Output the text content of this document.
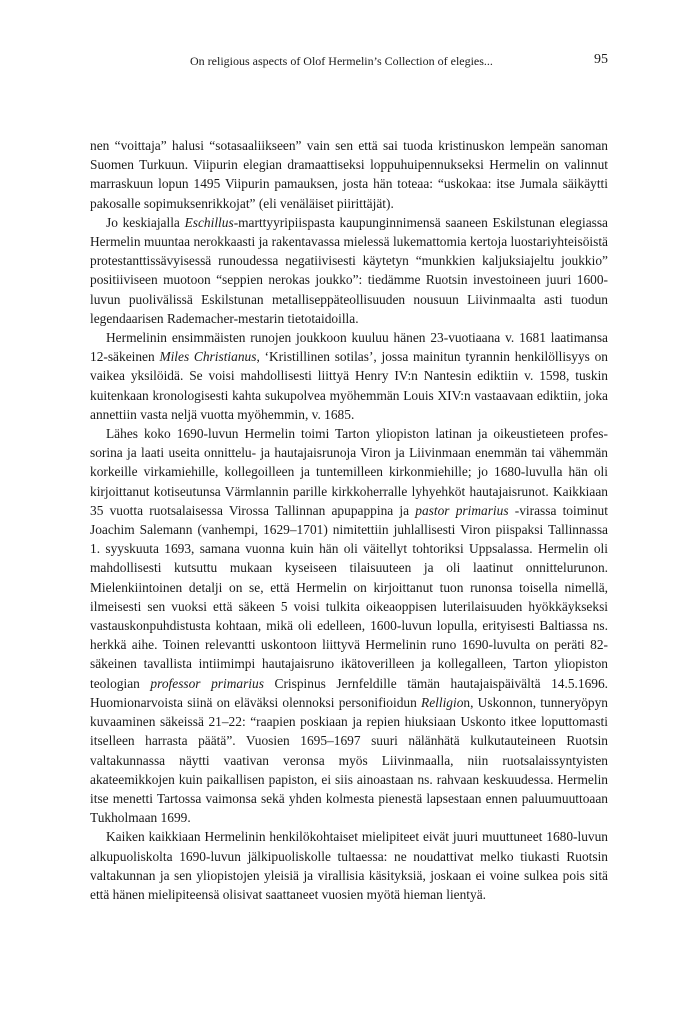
On religious aspects of Olof Hermelin’s Collection of elegies...	95

nen “voittaja” halusi “sotasaaliikseen” vain sen että sai tuoda kristinuskon lempeän sanoman Suomen Turkuun. Viipurin elegian dramaattiseksi loppuhuipennukseksi Hermelin on valinnut marraskuun lopun 1495 Viipurin pamauksen, josta hän toteaa: “uskokaa: itse Jumala säikäytti pakosalle sopimuksenrikkojat” (eli venäläiset piirittäjät).

Jo keskiajalla Eschillus-marttyyripiispasta kaupunginnimensä saaneen Eskilstunan elegiassa Hermelin muuntaa nerokkaasti ja rakentavassa mielessä lukemattomia kertoja luostariyhteisöistä protestanttissävyisessä runoudessa negatiivisesti käytetyn “munkkien kaljuksiajeltu joukkio” positiiviseen muotoon “seppien nerokas joukko”: tiedämme Ruotsin investoineen juuri 1600-luvun puolivälissä Eskilstunan metalliseppäteollisuuden nousuun Liivinmaalta asti tuodun legendaarisen Rademacher-mestarin tietotaidoilla.

Hermelinin ensimmäisten runojen joukkoon kuuluu hänen 23-vuotiaana v. 1681 laatimansa 12-säkeinen Miles Christianus, ‘Kristillinen sotilas’, jossa mainitun tyrannin henkilöllisyys on vaikea yksilöidä. Se voisi mahdollisesti liittyä Henry IV:n Nantesin ediktiin v. 1598, tuskin kuitenkaan kronologisesti kahta sukupolvea myöhemmän Louis XIV:n vastaavaan ediktiin, joka annettiin vasta neljä vuotta myöhemmin, v. 1685.

Lähes koko 1690-luvun Hermelin toimi Tarton yliopiston latinan ja oikeustieteen professorina ja laati useita onnittelu- ja hautajaisrunoja Viron ja Liivinmaan enemmän tai vähemmän korkeille virkamiehille, kollegoilleen ja tuntemilleen kirkonmiehille; jo 1680-luvulla hän oli kirjoittanut kotiseutunsa Värmlannin parille kirkkoherralle lyhyehköt hautajaisrunot. Kaikkiaan 35 vuotta ruotsalaisessa Virossa Tallinnan apupappina ja pastor primarius -virassa toiminut Joachim Salemann (vanhempi, 1629–1701) nimitettiin juhlallisesti Viron piispaksi Tallinnassa 1. syyskuuta 1693, samana vuonna kuin hän oli väitellyt tohtoriksi Uppsalassa. Hermelin oli mahdollisesti kutsuttu mukaan kyseiseen tilaisuuteen ja oli laatinut onnittelurunon. Mielenkiintoinen detalji on se, että Hermelin on kirjoittanut tuon runonsa toisella nimellä, ilmeisesti sen vuoksi että säkeen 5 voisi tulkita oikeaoppisen luterilaisuuden hyökkäykseksi vastauskonpuhdistusta kohtaan, mikä oli edelleen, 1600-luvun lopulla, erityisesti Baltiassa ns. herkkä aihe. Toinen relevantti uskontoon liittyvä Hermelinin runo 1690-luvulta on peräti 82-säkeinen tavallista intiimimpi hautajaisruno ikätoverilleen ja kollegalleen, Tarton yliopiston teologian professor primarius Crispinus Jernfeldille tämän hautajaispäivältä 14.5.1696. Huomionarvoista siinä on eläväksi olennoksi personifioidun Relligion, Uskonnon, tunneryöpyn kuvaaminen säkeissä 21–22: “raapien poskiaan ja repien hiuksiaan Uskonto itkee loputtomasti itselleen harrasta päätä”. Vuosien 1695–1697 suuri nälänhätä kulkutauteineen Ruotsin valtakunnassa näytti vaativan veronsa myös Liivinmaalla, niin ruotsalaissyntyisten akateemikkojen kuin paikallisen papiston, ei siis ainoastaan ns. rahvaan keskuudessa. Hermelin itse menetti Tartossa vaimonsa sekä yhden kolmesta pienestä lapsestaan ennen paluumuuttoaan Tukholmaan 1699.

Kaiken kaikkiaan Hermelinin henkilökohtaiset mielipiteet eivät juuri muuttuneet 1680-luvun alkupuoliskolta 1690-luvun jälkipuoliskolle tultaessa: ne noudattivat melko tiukasti Ruotsin valtakunnan ja sen yliopistojen yleisiä ja virallisia käsityksiä, joskaan ei voine sulkea pois sitä että hänen mielipiteensä olisivat saattaneet vuosien myötä hieman lientyä.
